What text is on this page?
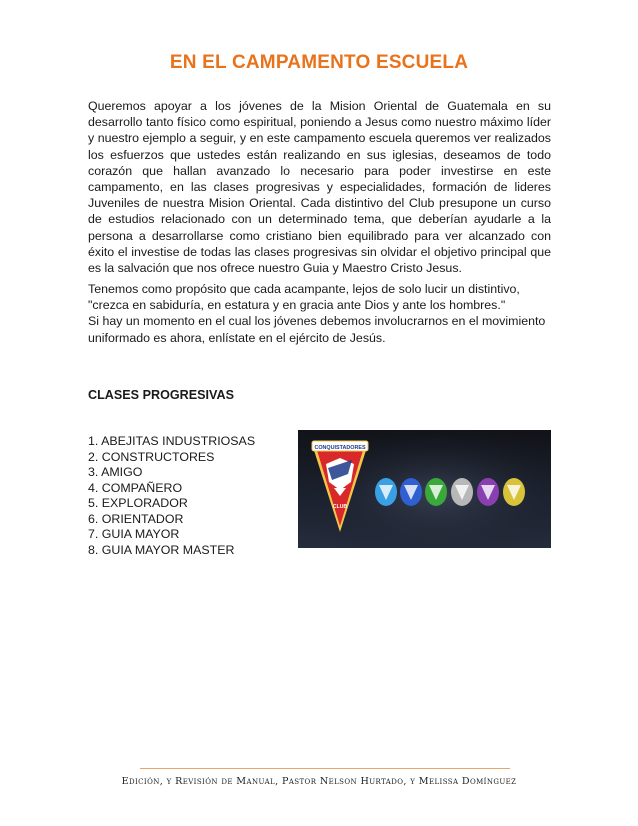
EN EL CAMPAMENTO ESCUELA

Queremos apoyar a los jóvenes de la Mision Oriental de Guatemala en su desarrollo tanto físico como espiritual, poniendo a Jesus como nuestro máximo líder y nuestro ejemplo a seguir, y en este campamento escuela queremos ver realizados los esfuerzos que ustedes están realizando en sus iglesias, deseamos de todo corazón que hallan avanzado lo necesario para poder investirse en este campamento, en las clases progresivas y especialidades, formación de lideres Juveniles de nuestra Mision Oriental. Cada distintivo del Club presupone un curso de estudios relacionado con un determinado tema, que deberían ayudarle a la persona a desarrollarse como cristiano bien equilibrado para ver alcanzado con éxito el investise de todas las clases progresivas sin olvidar el objetivo principal que es la salvación que nos ofrece nuestro Guia y Maestro Cristo Jesus.

Tenemos como propósito que cada acampante, lejos de solo lucir un distintivo,
"crezca en sabiduría, en estatura y en gracia ante Dios y ante los hombres."
Si hay un momento en el cual los jóvenes debemos involucrarnos en el movimiento uniformado es ahora, enlístate en el ejército de Jesús.
CLASES PROGRESIVAS
1. ABEJITAS INDUSTRIOSAS
2. CONSTRUCTORES
3. AMIGO
4. COMPAÑERO
5. EXPLORADOR
6. ORIENTADOR
7. GUIA MAYOR
8. GUIA MAYOR MASTER
CONQUISTADORES
CLUB
Edición, y Revisión de Manual, Pastor Nelson Hurtado, y Melissa Domínguez
